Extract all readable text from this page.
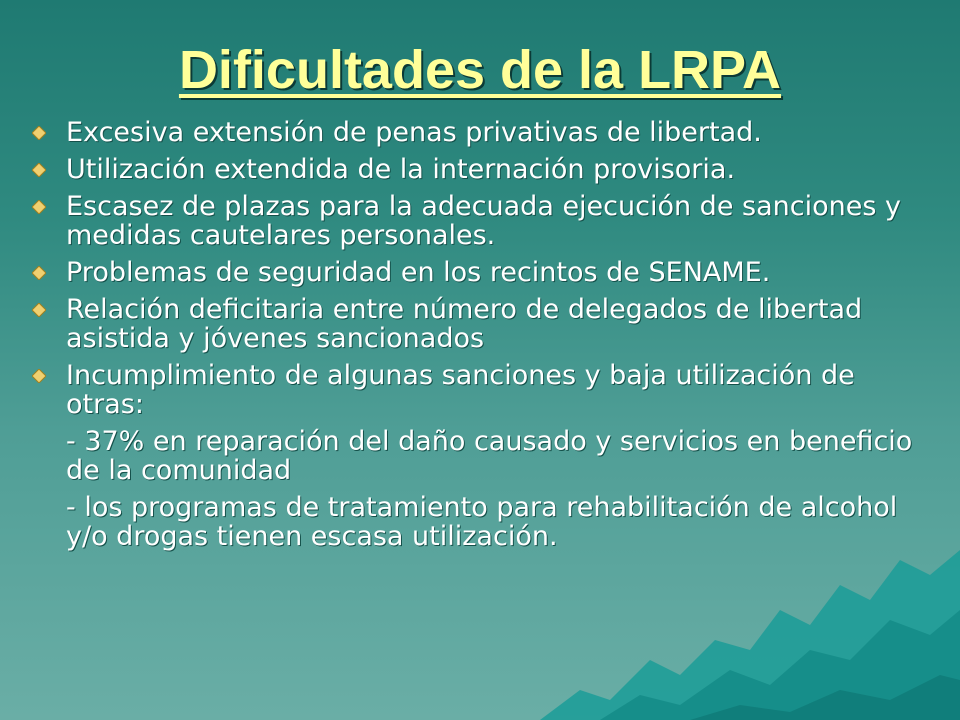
Dificultades de la LRPA
Excesiva extensión de penas privativas de libertad.
Utilización extendida de la internación provisoria.
Escasez de plazas para la adecuada ejecución de sanciones y medidas cautelares personales.
Problemas de seguridad en los recintos de SENAME.
Relación deficitaria entre número de delegados de libertad asistida y jóvenes sancionados
Incumplimiento de algunas sanciones y baja utilización de otras:
- 37% en reparación del daño causado y servicios en beneficio de la comunidad
- los programas de tratamiento para rehabilitación de alcohol y/o drogas tienen escasa utilización.
